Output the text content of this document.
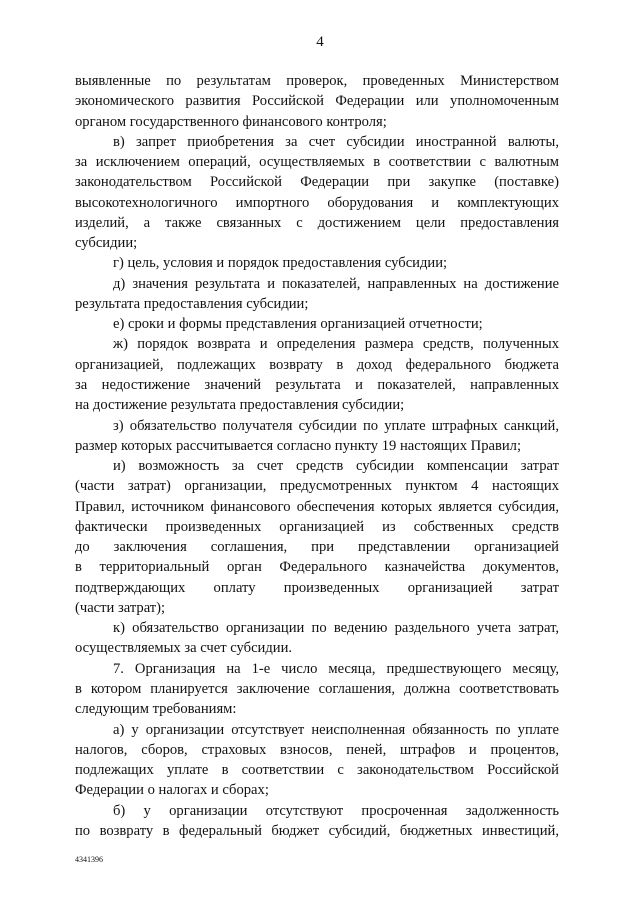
4
выявленные по результатам проверок, проведенных Министерством
экономического развития Российской Федерации или уполномоченным
органом государственного финансового контроля;
в) запрет приобретения за счет субсидии иностранной валюты,
за исключением операций, осуществляемых в соответствии с валютным
законодательством Российской Федерации при закупке (поставке)
высокотехнологичного импортного оборудования и комплектующих
изделий, а также связанных с достижением цели предоставления
субсидии;
г) цель, условия и порядок предоставления субсидии;
д) значения результата и показателей, направленных на достижение
результата предоставления субсидии;
е) сроки и формы представления организацией отчетности;
ж) порядок возврата и определения размера средств, полученных
организацией, подлежащих возврату в доход федерального бюджета
за недостижение значений результата и показателей, направленных
на достижение результата предоставления субсидии;
з) обязательство получателя субсидии по уплате штрафных санкций,
размер которых рассчитывается согласно пункту 19 настоящих Правил;
и) возможность за счет средств субсидии компенсации затрат
(части затрат) организации, предусмотренных пунктом 4 настоящих
Правил, источником финансового обеспечения которых является субсидия,
фактически произведенных организацией из собственных средств
до заключения соглашения, при представлении организацией
в территориальный орган Федерального казначейства документов,
подтверждающих оплату произведенных организацией затрат
(части затрат);
к) обязательство организации по ведению раздельного учета затрат,
осуществляемых за счет субсидии.
7. Организация на 1-е число месяца, предшествующего месяцу,
в котором планируется заключение соглашения, должна соответствовать
следующим требованиям:
а) у организации отсутствует неисполненная обязанность по уплате
налогов, сборов, страховых взносов, пеней, штрафов и процентов,
подлежащих уплате в соответствии с законодательством Российской
Федерации о налогах и сборах;
б) у организации отсутствуют просроченная задолженность
по возврату в федеральный бюджет субсидий, бюджетных инвестиций,
4341396
